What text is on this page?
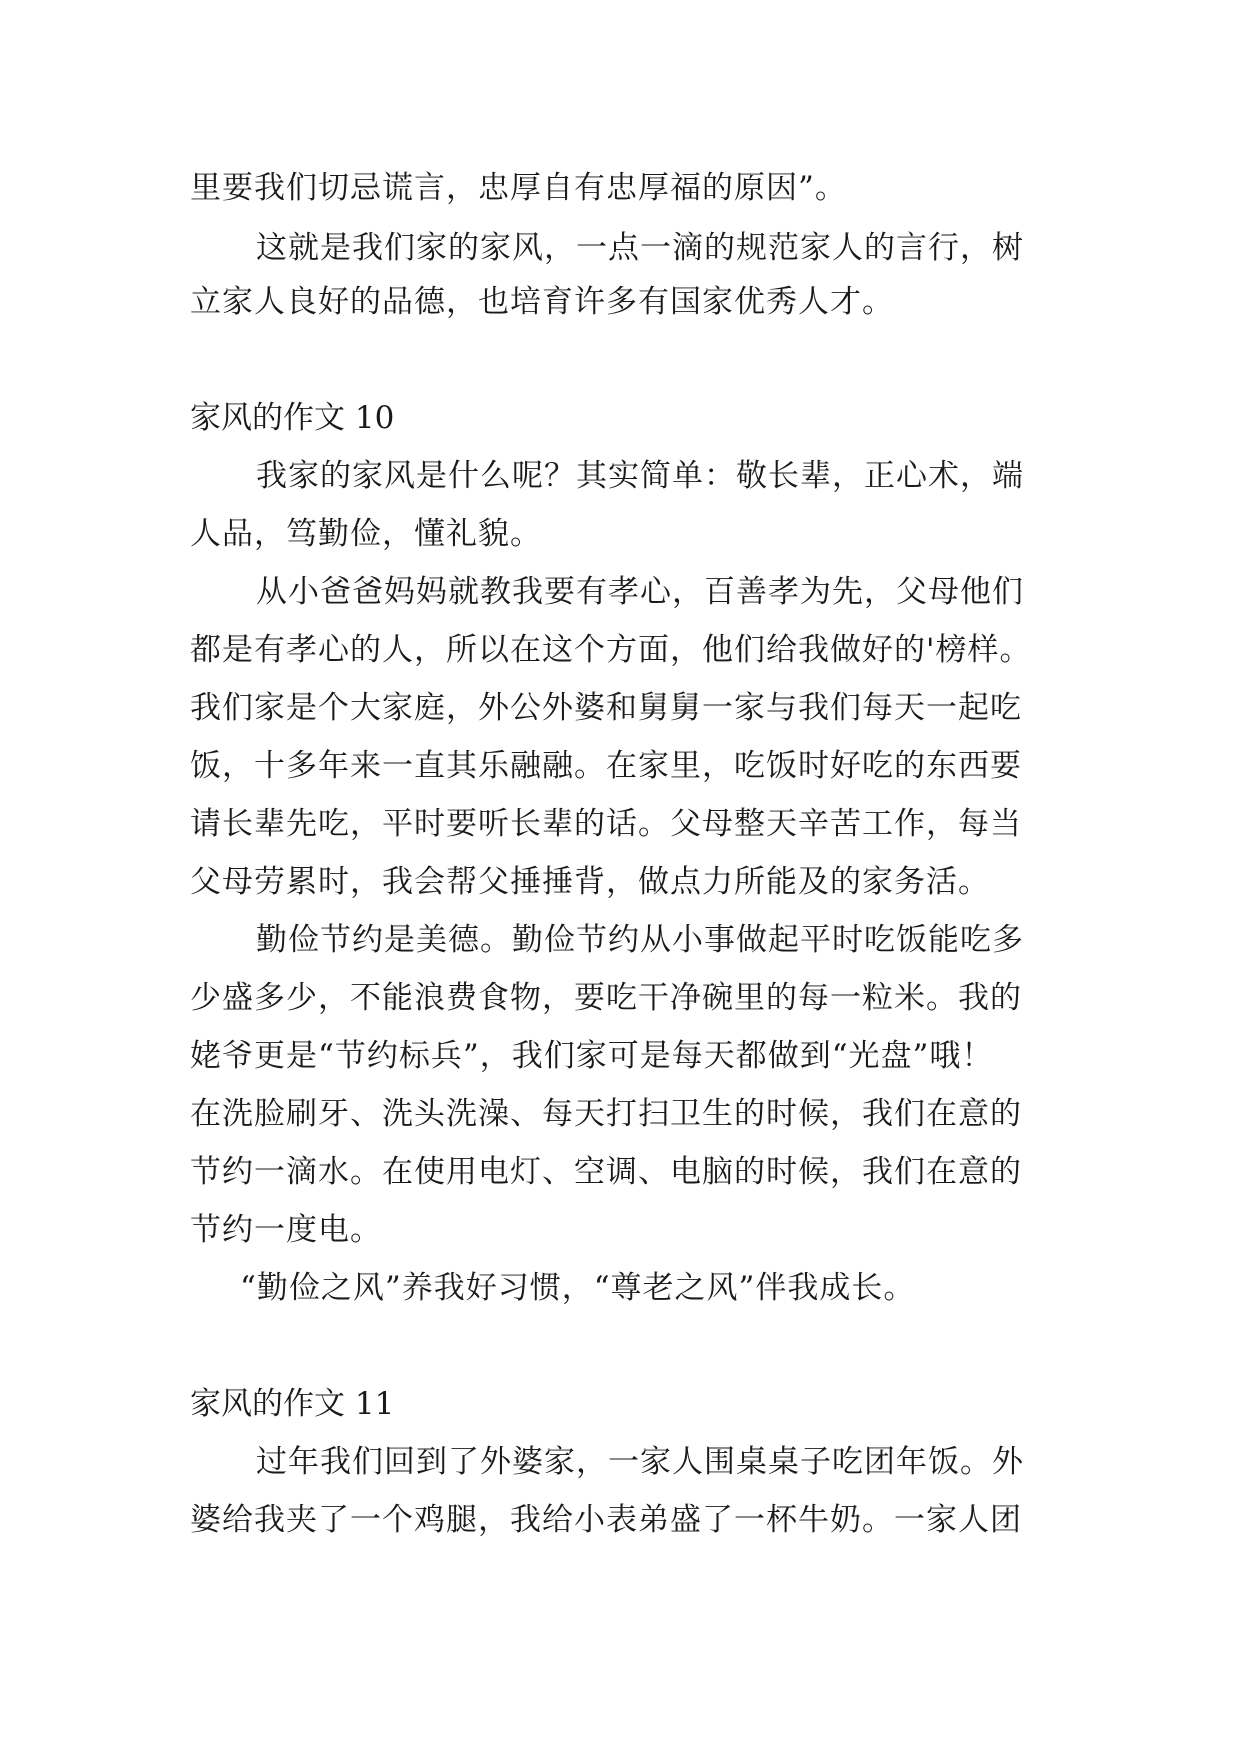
里要我们切忌谎言，忠厚自有忠厚福的原因”。
这就是我们家的家风，一点一滴的规范家人的言行，树
立家人良好的品德，也培育许多有国家优秀人才。
家风的作文 10
我家的家风是什么呢？其实简单：敬长辈，正心术，端
人品，笃勤俭，懂礼貌。
从小爸爸妈妈就教我要有孝心，百善孝为先，父母他们
都是有孝心的人，所以在这个方面，他们给我做好的'榜样。
我们家是个大家庭，外公外婆和舅舅一家与我们每天一起吃
饭，十多年来一直其乐融融。在家里，吃饭时好吃的东西要
请长辈先吃，平时要听长辈的话。父母整天辛苦工作，每当
父母劳累时，我会帮父捶捶背，做点力所能及的家务活。
勤俭节约是美德。勤俭节约从小事做起平时吃饭能吃多
少盛多少，不能浪费食物，要吃干净碗里的每一粒米。我的
姥爷更是“节约标兵”，我们家可是每天都做到“光盘”哦！
在洗脸刷牙、洗头洗澡、每天打扫卫生的时候，我们在意的
节约一滴水。在使用电灯、空调、电脑的时候，我们在意的
节约一度电。
“勤俭之风”养我好习惯，“尊老之风”伴我成长。
家风的作文 11
过年我们回到了外婆家，一家人围桌桌子吃团年饭。外
婆给我夹了一个鸡腿，我给小表弟盛了一杯牛奶。一家人团
